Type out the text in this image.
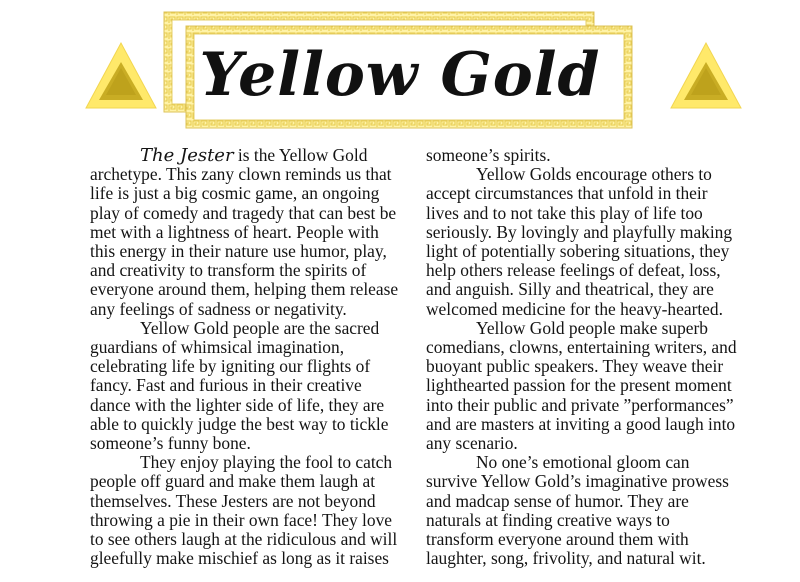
Yellow Gold

The Jester is the Yellow Gold archetype. This zany clown reminds us that life is just a big cosmic game, an ongoing play of comedy and tragedy that can best be met with a lightness of heart. People with this energy in their nature use humor, play, and creativity to transform the spirits of everyone around them, helping them release any feelings of sadness or negativity.

Yellow Gold people are the sacred guardians of whimsical imagination, celebrating life by igniting our flights of fancy. Fast and furious in their creative dance with the lighter side of life, they are able to quickly judge the best way to tickle someone’s funny bone.

They enjoy playing the fool to catch people off guard and make them laugh at themselves. These Jesters are not beyond throwing a pie in their own face! They love to see others laugh at the ridiculous and will gleefully make mischief as long as it raises

someone’s spirits.

Yellow Golds encourage others to accept circumstances that unfold in their lives and to not take this play of life too seriously. By lovingly and playfully making light of potentially sobering situations, they help others release feelings of defeat, loss, and anguish. Silly and theatrical, they are welcomed medicine for the heavy-hearted.

Yellow Gold people make superb comedians, clowns, entertaining writers, and buoyant public speakers. They weave their lighthearted passion for the present moment into their public and private ”performances” and are masters at inviting a good laugh into any scenario.

No one’s emotional gloom can survive Yellow Gold’s imaginative prowess and madcap sense of humor. They are naturals at finding creative ways to transform everyone around them with laughter, song, frivolity, and natural wit.
